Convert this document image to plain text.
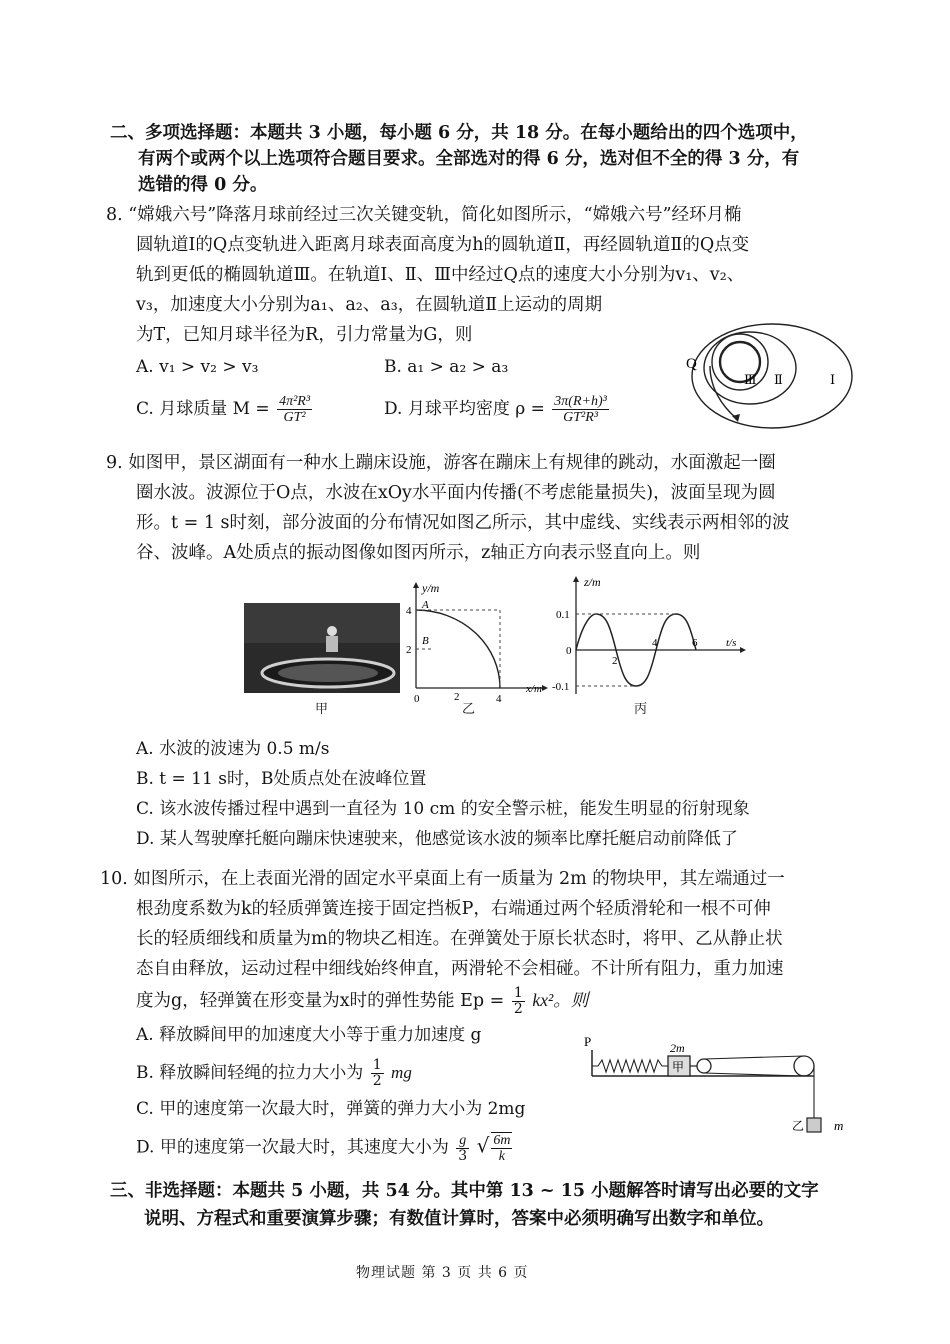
二、多项选择题：本题共 3 小题，每小题 6 分，共 18 分。在每小题给出的四个选项中，
有两个或两个以上选项符合题目要求。全部选对的得 6 分，选对但不全的得 3 分，有
选错的得 0 分。
8. “嫦娥六号”降落月球前经过三次关键变轨，简化如图所示，“嫦娥六号”经环月椭
圆轨道Ⅰ的Q点变轨进入距离月球表面高度为h的圆轨道Ⅱ，再经圆轨道Ⅱ的Q点变
轨到更低的椭圆轨道Ⅲ。在轨道Ⅰ、Ⅱ、Ⅲ中经过Q点的速度大小分别为v₁、v₂、
v₃，加速度大小分别为a₁、a₂、a₃，在圆轨道Ⅱ上运动的周期
为T，已知月球半径为R，引力常量为G，则
A. v₁ > v₂ > v₃	B. a₁ > a₂ > a₃
C. 月球质量 $M = \frac{\text{4π²R³}}{\text{GT²}}$	D. 月球平均密度 $\rho = \frac{\text{3π(R+h)³}}{\text{GT²R³}}$
Q
Ⅲ Ⅱ	Ⅰ
9. 如图甲，景区湖面有一种水上蹦床设施，游客在蹦床上有规律的跳动，水面激起一圈
圈水波。波源位于O点，水波在xOy水平面内传播(不考虑能量损失)，波面呈现为圆
形。t = 1 s时刻，部分波面的分布情况如图乙所示，其中虚线、实线表示两相邻的波
谷、波峰。A处质点的振动图像如图丙所示，z轴正方向表示竖直向上。则
甲
y/m
x/m
4
2
0	2	4
A
B
乙
z/m
t/s
0.1
-0.1
0
2
4	6
丙
A. 水波的波速为 0.5 m/s
B. t = 11 s时，B处质点处在波峰位置
C. 该水波传播过程中遇到一直径为 10 cm 的安全警示桩，能发生明显的衍射现象
D. 某人驾驶摩托艇向蹦床快速驶来，他感觉该水波的频率比摩托艇启动前降低了
10. 如图所示，在上表面光滑的固定水平桌面上有一质量为 2m 的物块甲，其左端通过一
根劲度系数为k的轻质弹簧连接于固定挡板P，右端通过两个轻质滑轮和一根不可伸
长的轻质细线和质量为m的物块乙相连。在弹簧处于原长状态时，将甲、乙从静止状
态自由释放，运动过程中细线始终伸直，两滑轮不会相碰。不计所有阻力，重力加速
度为g，轻弹簧在形变量为x时的弹性势能 $Ep = \frac{1}{2} kx^2$。则
A. 释放瞬间甲的加速度大小等于重力加速度 g
B. 释放瞬间轻绳的拉力大小为 $\frac{1}{2}$ mg
C. 甲的速度第一次最大时，弹簧的弹力大小为 2mg
D. 甲的速度第一次最大时，其速度大小为 $\frac{g}{3}$ √ $\frac{6m}{k}$
P
甲
2m
乙 m
三、非选择题：本题共 5 小题，共 54 分。其中第 13 ~ 15 小题解答时请写出必要的文字
说明、方程式和重要演算步骤；有数值计算时，答案中必须明确写出数字和单位。
物理试题 第 3 页 共 6 页
